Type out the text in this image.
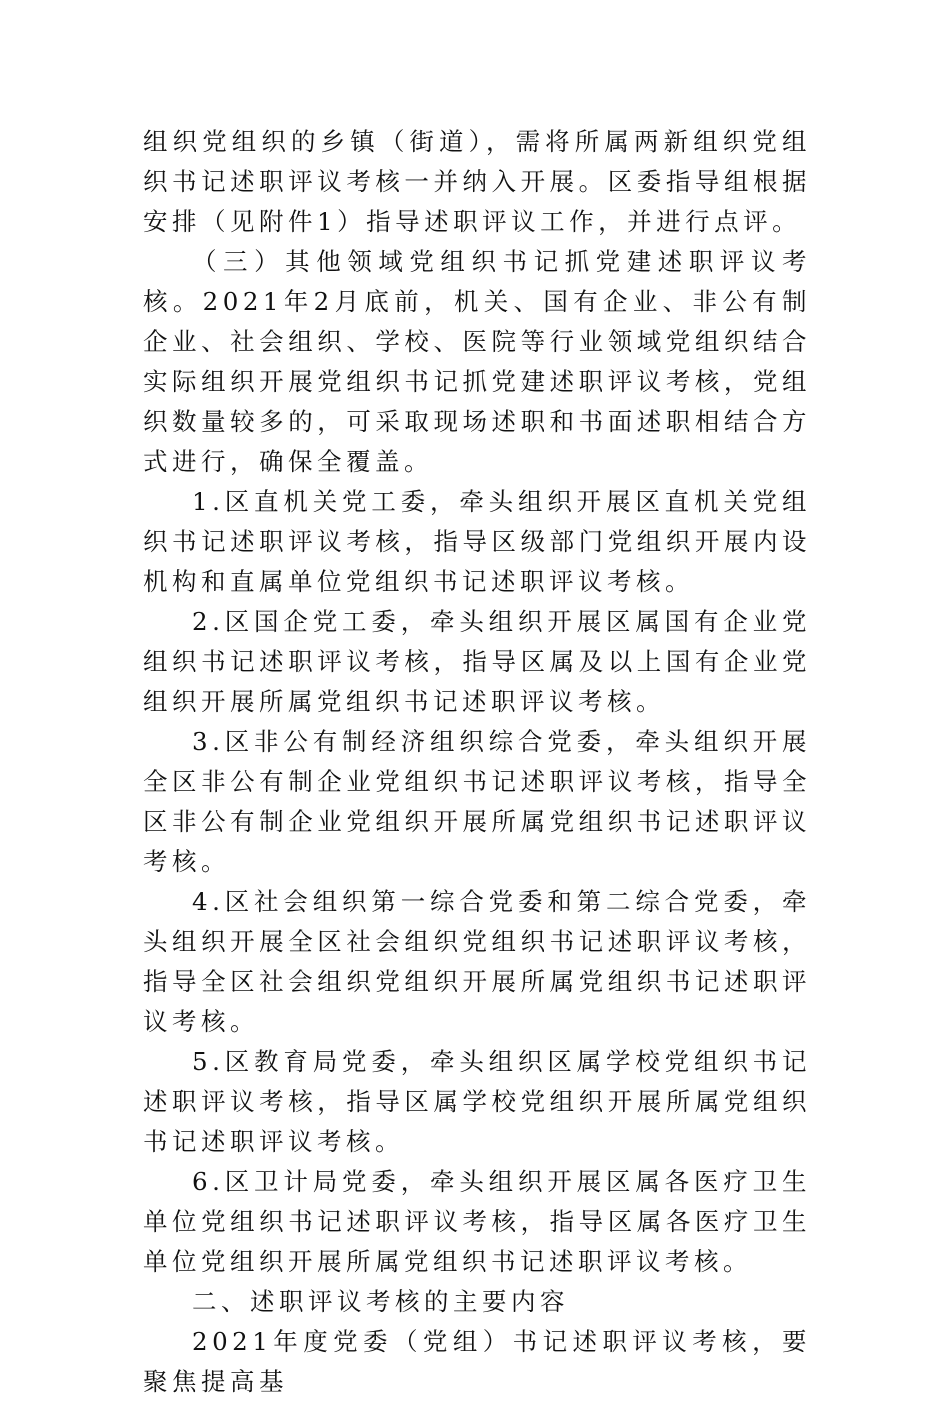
组织党组织的乡镇（街道），需将所属两新组织党组织书记述职评议考核一并纳入开展。区委指导组根据安排（见附件1）指导述职评议工作，并进行点评。

（三）其他领域党组织书记抓党建述职评议考核。2021年2月底前，机关、国有企业、非公有制企业、社会组织、学校、医院等行业领域党组织结合实际组织开展党组织书记抓党建述职评议考核，党组织数量较多的，可采取现场述职和书面述职相结合方式进行，确保全覆盖。

1.区直机关党工委，牵头组织开展区直机关党组织书记述职评议考核，指导区级部门党组织开展内设机构和直属单位党组织书记述职评议考核。

2.区国企党工委，牵头组织开展区属国有企业党组织书记述职评议考核，指导区属及以上国有企业党组织开展所属党组织书记述职评议考核。

3.区非公有制经济组织综合党委，牵头组织开展全区非公有制企业党组织书记述职评议考核，指导全区非公有制企业党组织开展所属党组织书记述职评议考核。

4.区社会组织第一综合党委和第二综合党委，牵头组织开展全区社会组织党组织书记述职评议考核，指导全区社会组织党组织开展所属党组织书记述职评议考核。

5.区教育局党委，牵头组织区属学校党组织书记述职评议考核，指导区属学校党组织开展所属党组织书记述职评议考核。

6.区卫计局党委，牵头组织开展区属各医疗卫生单位党组织书记述职评议考核，指导区属各医疗卫生单位党组织开展所属党组织书记述职评议考核。

二、述职评议考核的主要内容

2021年度党委（党组）书记述职评议考核，要聚焦提高基
